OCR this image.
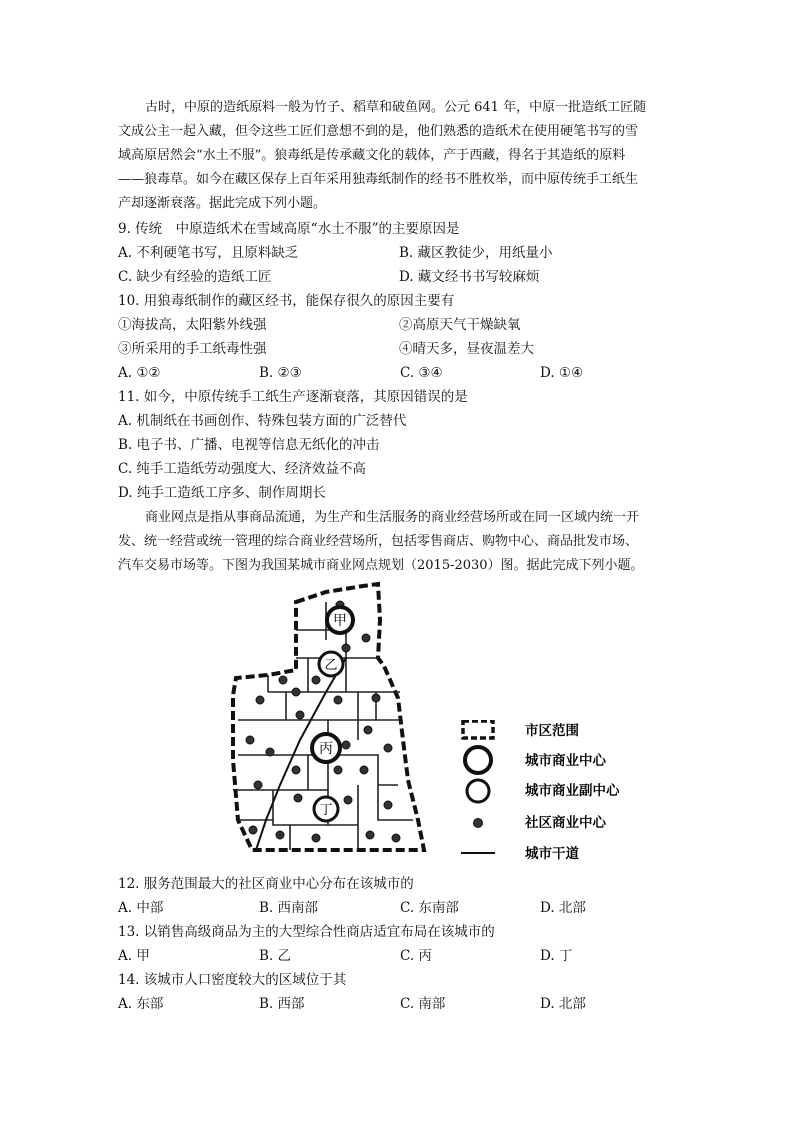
古时，中原的造纸原料一般为竹子、稻草和破鱼网。公元 641 年，中原一批造纸工匠随

文成公主一起入藏，但令这些工匠们意想不到的是，他们熟悉的造纸术在使用硬笔书写的雪

域高原居然会“水土不服”。狼毒纸是传承藏文化的载体，产于西藏，得名于其造纸的原料

——狼毒草。如今在藏区保存上百年采用独毒纸制作的经书不胜枚举，而中原传统手工纸生

产却逐渐衰落。据此完成下列小题。

9. 传统　中原造纸术在雪域高原“水土不服”的主要原因是

A. 不利硬笔书写，且原料缺乏	B. 藏区教徒少，用纸量小
C. 缺少有经验的造纸工匠	D. 藏文经书书写较麻烦

10. 用狼毒纸制作的藏区经书，能保存很久的原因主要有

①海拔高，太阳紫外线强	②高原天气干燥缺氧
③所采用的手工纸毒性强	④晴天多，昼夜温差大
A. ①②	B. ②③	C. ③④	D. ①④

11. 如今，中原传统手工纸生产逐渐衰落，其原因错误的是

A. 机制纸在书画创作、特殊包装方面的广泛替代

B. 电子书、广播、电视等信息无纸化的冲击

C. 纯手工造纸劳动强度大、经济效益不高

D. 纯手工造纸工序多、制作周期长

商业网点是指从事商品流通，为生产和生活服务的商业经营场所或在同一区域内统一开

发、统一经营或统一管理的综合商业经营场所，包括零售商店、购物中心、商品批发市场、

汽车交易市场等。下图为我国某城市商业网点规划（2015-2030）图。据此完成下列小题。

甲
乙
丙
丁
市区范围
城市商业中心
城市商业副中心
社区商业中心
城市干道

12. 服务范围最大的社区商业中心分布在该城市的

A. 中部	B. 西南部	C. 东南部	D. 北部

13. 以销售高级商品为主的大型综合性商店适宜布局在该城市的

A. 甲	B. 乙	C. 丙	D. 丁

14. 该城市人口密度较大的区域位于其

A. 东部	B. 西部	C. 南部	D. 北部
